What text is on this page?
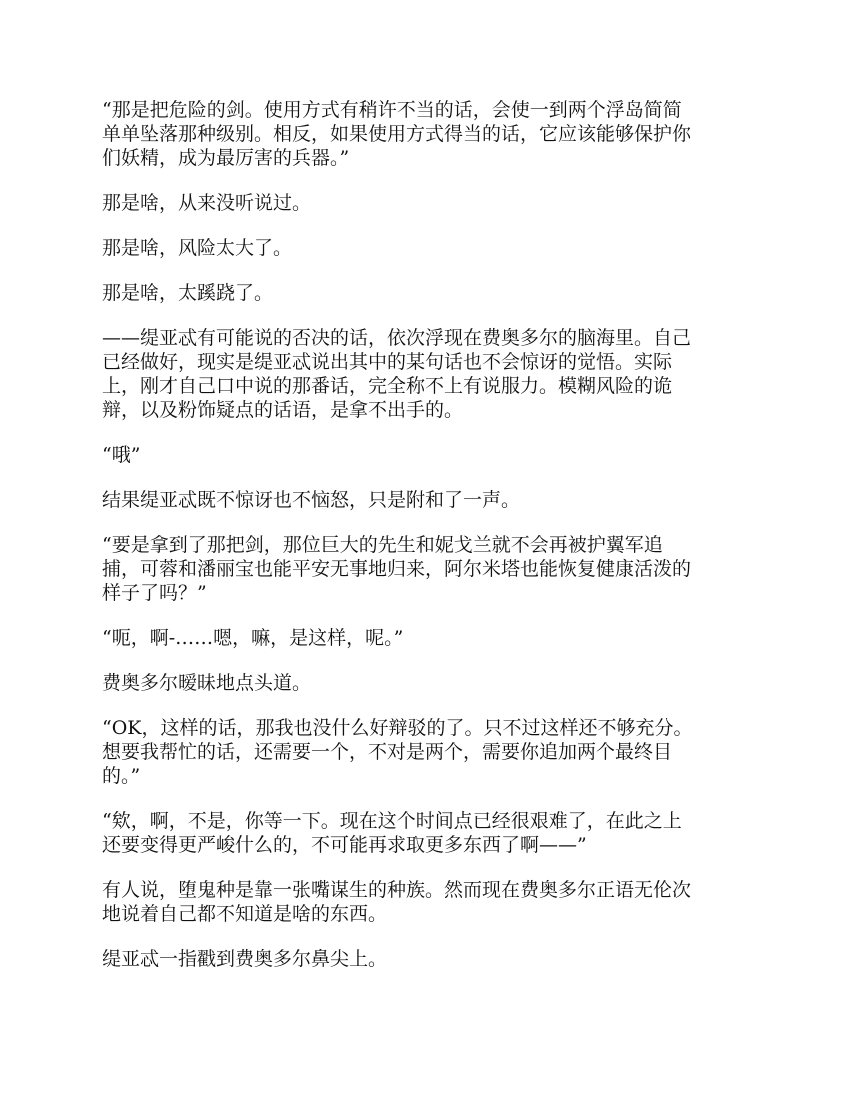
“那是把危险的剑。使用方式有稍许不当的话，会使一到两个浮岛简简
单单坠落那种级别。相反，如果使用方式得当的话，它应该能够保护你
们妖精，成为最厉害的兵器。”

那是啥，从来没听说过。

那是啥，风险太大了。

那是啥，太蹊跷了。

——缇亚忒有可能说的否决的话，依次浮现在费奥多尔的脑海里。自己
已经做好，现实是缇亚忒说出其中的某句话也不会惊讶的觉悟。实际
上，刚才自己口中说的那番话，完全称不上有说服力。模糊风险的诡
辩，以及粉饰疑点的话语，是拿不出手的。

“哦”

结果缇亚忒既不惊讶也不恼怒，只是附和了一声。

“要是拿到了那把剑，那位巨大的先生和妮戈兰就不会再被护翼军追
捕，可蓉和潘丽宝也能平安无事地归来，阿尔米塔也能恢复健康活泼的
样子了吗？”

“呃，啊-……嗯，嘛，是这样，呢。”

费奥多尔暧昧地点头道。

“OK，这样的话，那我也没什么好辩驳的了。只不过这样还不够充分。
想要我帮忙的话，还需要一个，不对是两个，需要你追加两个最终目
的。”

“欸，啊，不是，你等一下。现在这个时间点已经很艰难了，在此之上
还要变得更严峻什么的，不可能再求取更多东西了啊——”

有人说，堕鬼种是靠一张嘴谋生的种族。然而现在费奥多尔正语无伦次
地说着自己都不知道是啥的东西。

缇亚忒一指戳到费奥多尔鼻尖上。
